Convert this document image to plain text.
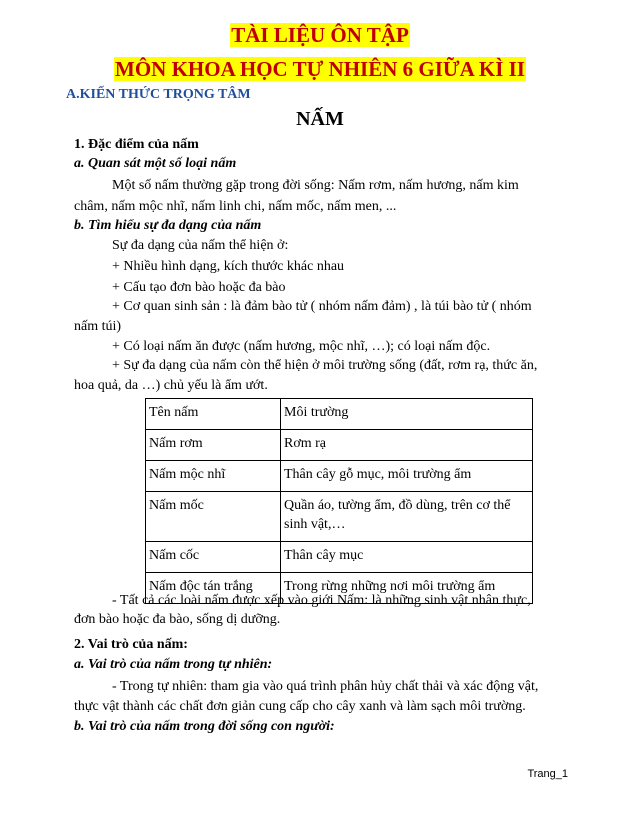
TÀI LIỆU ÔN TẬP
MÔN KHOA HỌC TỰ NHIÊN 6 GIỮA KÌ II
A.KIẾN THỨC TRỌNG TÂM
NẤM
1. Đặc điểm của nấm
a. Quan sát một số loại nấm
Một số nấm thường gặp trong đời sống: Nấm rơm, nấm hương, nấm kim
châm, nấm mộc nhĩ, nấm linh chi, nấm mốc, nấm men, ...
b. Tìm hiểu sự đa dạng của nấm
Sự đa dạng của nấm thể hiện ở:
+ Nhiều hình dạng, kích thước khác nhau
+ Cấu tạo đơn bào hoặc đa bào
+ Cơ quan sinh sản : là đảm bào tử ( nhóm nấm đảm) , là túi bào tử ( nhóm
nấm túi)
+ Có loại nấm ăn được (nấm hương, mộc nhĩ, …); có loại nấm độc.
+ Sự đa dạng của nấm còn thể hiện ở môi trường sống (đất, rơm rạ, thức ăn,
hoa quả, da …) chủ yếu là ẩm ướt.
Tên nấm	Môi trường
Nấm rơm	Rơm rạ
Nấm mộc nhĩ	Thân cây gỗ mục, môi trường ẩm
Nấm mốc	Quần áo, tường ẩm, đồ dùng, trên cơ thể
sinh vật,…

Nấm cốc	Thân cây mục
Nấm độc tán trắng	Trong rừng những nơi môi trường ẩm
- Tất cả các loài nấm được xếp vào giới Nấm: là những sinh vật nhân thực,
đơn bào hoặc đa bào, sống dị dưỡng.
2. Vai trò của nấm:
a. Vai trò của nấm trong tự nhiên:
- Trong tự nhiên: tham gia vào quá trình phân hủy chất thải và xác động vật,
thực vật thành các chất đơn giản cung cấp cho cây xanh và làm sạch môi trường.
b. Vai trò của nấm trong đời sống con người:
Trang_1
